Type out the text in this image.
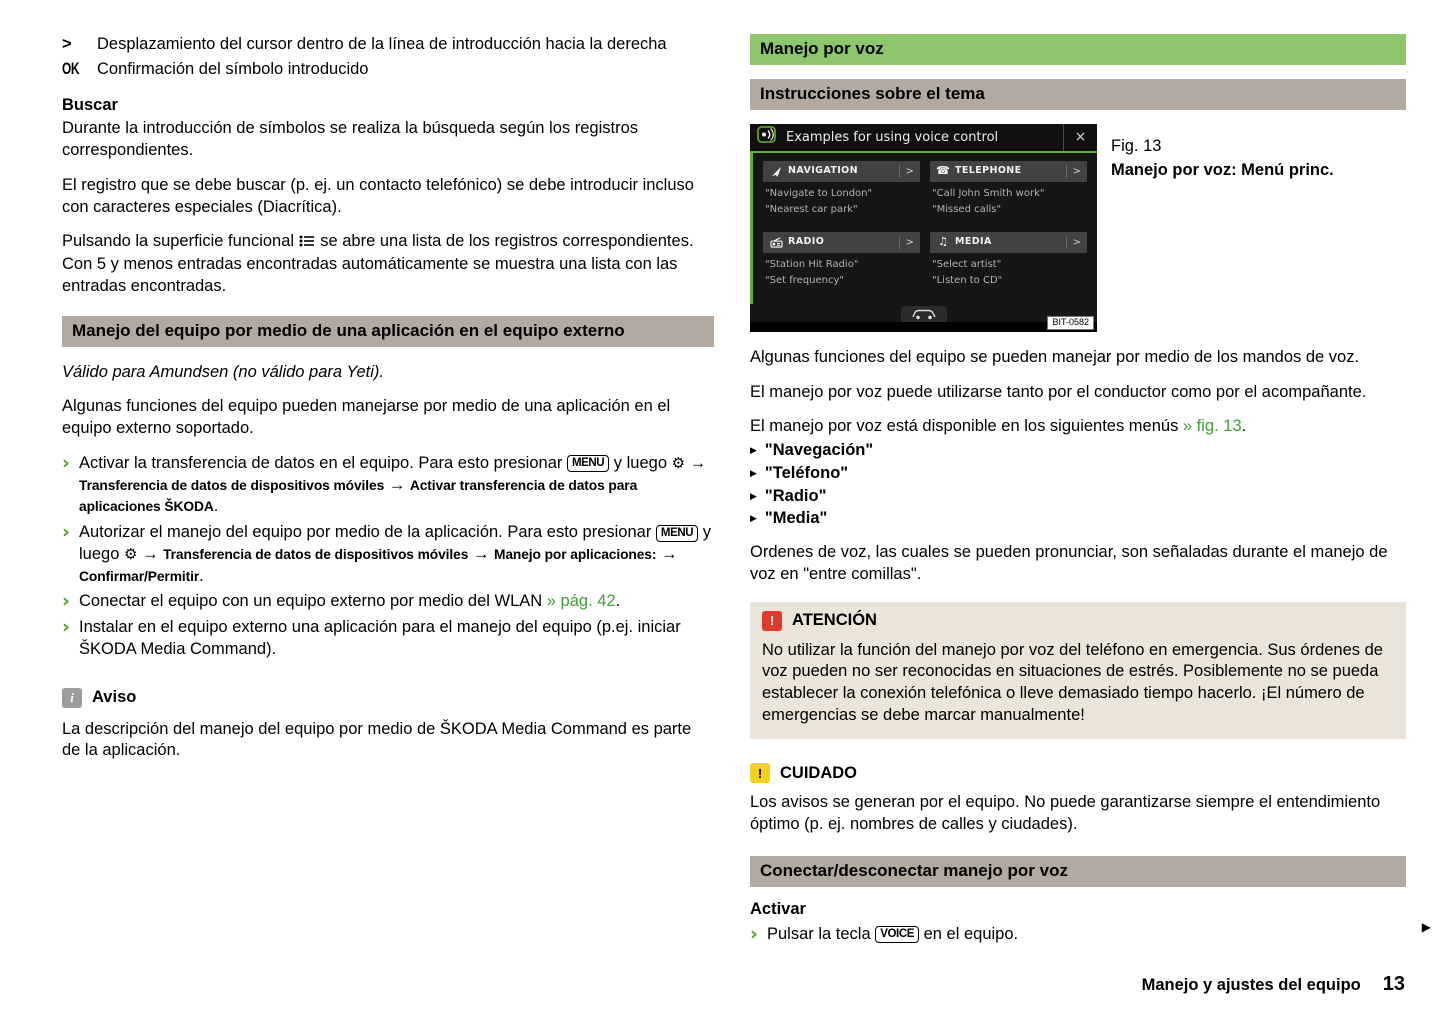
>	Desplazamiento del cursor dentro de la línea de introducción hacia la derecha
OK	Confirmación del símbolo introducido
Buscar

Durante la introducción de símbolos se realiza la búsqueda según los registros correspondientes.

El registro que se debe buscar (p. ej. un contacto telefónico) se debe introducir incluso con caracteres especiales (Diacrítica).

Pulsando la superficie funcional  se abre una lista de los registros correspondientes. Con 5 y menos entradas encontradas automáticamente se muestra una lista con las entradas encontradas.

Manejo del equipo por medio de una aplicación en el equipo externo

Válido para Amundsen (no válido para Yeti).

Algunas funciones del equipo pueden manejarse por medio de una aplicación en el equipo externo soportado.

› Activar la transferencia de datos en el equipo. Para esto presionar MENU y luego ⚙ → Transferencia de datos de dispositivos móviles → Activar transferencia de datos para aplicaciones ŠKODA.
› Autorizar el manejo del equipo por medio de la aplicación. Para esto presionar MENU y luego ⚙ → Transferencia de datos de dispositivos móviles → Manejo por aplicaciones: → Confirmar/Permitir.
› Conectar el equipo con un equipo externo por medio del WLAN » pág. 42.
› Instalar en el equipo externo una aplicación para el manejo del equipo (p.ej. iniciar ŠKODA Media Command).
i	Aviso

La descripción del manejo del equipo por medio de ŠKODA Media Command es parte de la aplicación.

Manejo por voz
Instrucciones sobre el tema
Examples for using voice control	×
NAVIGATION	>
"Navigate to London"
"Nearest car park"
☎ TELEPHONE	>
"Call John Smith work"
"Missed calls"
RADIO	>
"Station Hit Radio"
"Set frequency"
♫ MEDIA	>
"Select artist"
"Listen to CD"
BIT-0582
Fig. 13
Manejo por voz: Menú princ.

Algunas funciones del equipo se pueden manejar por medio de los mandos de voz.

El manejo por voz puede utilizarse tanto por el conductor como por el acompañante.

El manejo por voz está disponible en los siguientes menús » fig. 13.

▶ "Navegación"
▶ "Teléfono"
▶ "Radio"
▶ "Media"

Ordenes de voz, las cuales se pueden pronunciar, son señaladas durante el manejo de voz en "entre comillas".

!	ATENCIÓN
No utilizar la función del manejo por voz del teléfono en emergencia. Sus órdenes de voz pueden no ser reconocidas en situaciones de estrés. Posiblemente no se pueda establecer la conexión telefónica o lleve demasiado tiempo hacerlo. ¡El número de emergencias se debe marcar manualmente!
!	CUIDADO
Los avisos se generan por el equipo. No puede garantizarse siempre el entendimiento óptimo (p. ej. nombres de calles y ciudades).
Conectar/desconectar manejo por voz
Activar
› Pulsar la tecla VOICE en el equipo.	▶
Manejo y ajustes del equipo 13
